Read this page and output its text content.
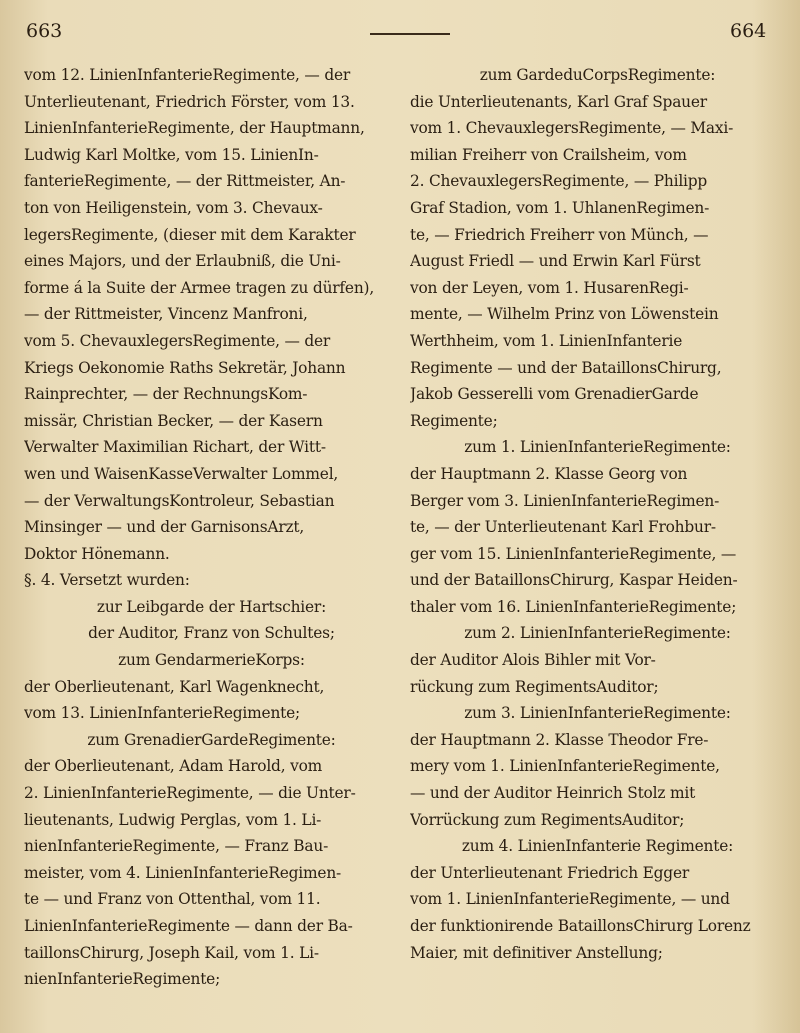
663	664
vom 12. LinienInfanterieRegimente, — der
Unterlieutenant, Friedrich Förster, vom 13.
LinienInfanterieRegimente, der Hauptmann,
Ludwig Karl Moltke, vom 15. LinienIn-
fanterieRegimente, — der Rittmeister, An-
ton von Heiligenstein, vom 3. Chevaux-
legersRegimente, (dieser mit dem Karakter
eines Majors, und der Erlaubniß, die Uni-
forme á la Suite der Armee tragen zu dürfen),
— der Rittmeister, Vincenz Manfroni,
vom 5. ChevauxlegersRegimente, — der
Kriegs Oekonomie Raths Sekretär, Johann
Rainprechter, — der RechnungsKom-
missär, Christian Becker, — der Kasern
Verwalter Maximilian Richart, der Witt-
wen und WaisenKasseVerwalter Lommel,
— der VerwaltungsKontroleur, Sebastian
Minsinger — und der GarnisonsArzt,
Doktor Hönemann.
§. 4. Versetzt wurden:
zur Leibgarde der Hartschier:
der Auditor, Franz von Schultes;
zum GendarmerieKorps:
der Oberlieutenant, Karl Wagenknecht,
vom 13. LinienInfanterieRegimente;
zum GrenadierGardeRegimente:
der Oberlieutenant, Adam Harold, vom
2. LinienInfanterieRegimente, — die Unter-
lieutenants, Ludwig Perglas, vom 1. Li-
nienInfanterieRegimente, — Franz Bau-
meister, vom 4. LinienInfanterieRegimen-
te — und Franz von Ottenthal, vom 11.
LinienInfanterieRegimente — dann der Ba-
taillonsChirurg, Joseph Kail, vom 1. Li-
nienInfanterieRegimente;
zum GardeduCorpsRegimente:
die Unterlieutenants, Karl Graf Spauer
vom 1. ChevauxlegersRegimente, — Maxi-
milian Freiherr von Crailsheim, vom
2. ChevauxlegersRegimente, — Philipp
Graf Stadion, vom 1. UhlanenRegimen-
te, — Friedrich Freiherr von Münch, —
August Friedl — und Erwin Karl Fürst
von der Leyen, vom 1. HusarenRegi-
mente, — Wilhelm Prinz von Löwenstein
Werthheim, vom 1. LinienInfanterie
Regimente — und der BataillonsChirurg,
Jakob Gesserelli vom GrenadierGarde
Regimente;
zum 1. LinienInfanterieRegimente:
der Hauptmann 2. Klasse Georg von
Berger vom 3. LinienInfanterieRegimen-
te, — der Unterlieutenant Karl Frohbur-
ger vom 15. LinienInfanterieRegimente, —
und der BataillonsChirurg, Kaspar Heiden-
thaler vom 16. LinienInfanterieRegimente;
zum 2. LinienInfanterieRegimente:
der Auditor Alois Bihler mit Vor-
rückung zum RegimentsAuditor;
zum 3. LinienInfanterieRegimente:
der Hauptmann 2. Klasse Theodor Fre-
mery vom 1. LinienInfanterieRegimente,
— und der Auditor Heinrich Stolz mit
Vorrückung zum RegimentsAuditor;
zum 4. LinienInfanterie Regimente:
der Unterlieutenant Friedrich Egger
vom 1. LinienInfanterieRegimente, — und
der funktionirende BataillonsChirurg Lorenz
Maier, mit definitiver Anstellung;
